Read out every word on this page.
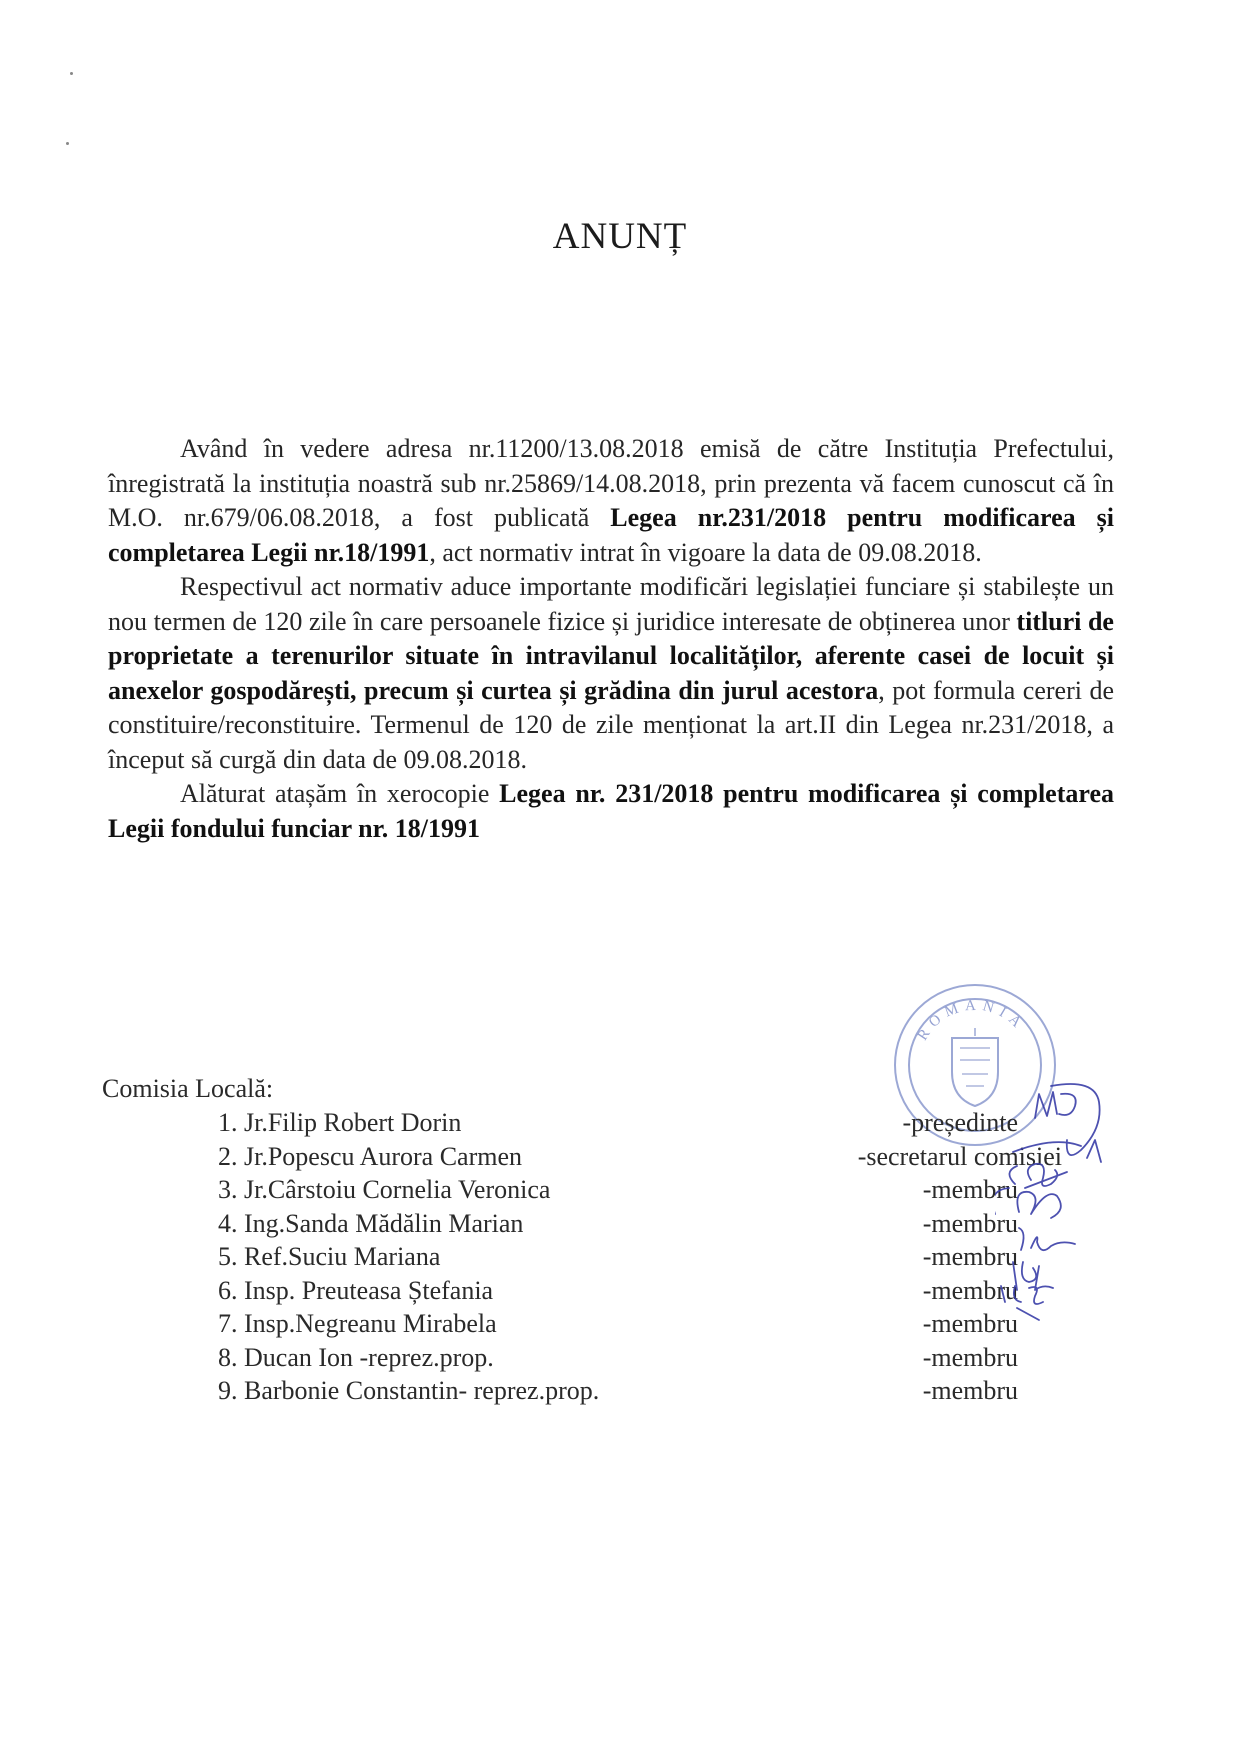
ANUNȚ

Având în vedere adresa nr.11200/13.08.2018 emisă de către Instituția Prefectului, înregistrată la instituția noastră sub nr.25869/14.08.2018, prin prezenta vă facem cunoscut că în M.O. nr.679/06.08.2018, a fost publicată Legea nr.231/2018 pentru modificarea și completarea Legii nr.18/1991, act normativ intrat în vigoare la data de 09.08.2018.

Respectivul act normativ aduce importante modificări legislației funciare și stabilește un nou termen de 120 zile în care persoanele fizice și juridice interesate de obținerea unor titluri de proprietate a terenurilor situate în intravilanul localităților, aferente casei de locuit și anexelor gospodărești, precum și curtea și grădina din jurul acestora, pot formula cereri de constituire/reconstituire. Termenul de 120 de zile menționat la art.II din Legea nr.231/2018, a început să curgă din data de 09.08.2018.

Alăturat atașăm în xerocopie Legea nr. 231/2018 pentru modificarea și completarea Legii fondului funciar nr. 18/1991

ROMANIA
Comisia Locală:
1. Jr.Filip Robert Dorin	-președinte
2. Jr.Popescu Aurora Carmen	-secretarul comisiei
3. Jr.Cârstoiu Cornelia Veronica	-membru
4. Ing.Sanda Mădălin Marian	-membru
5. Ref.Suciu Mariana	-membru
6. Insp. Preuteasa Ștefania	-membru
7. Insp.Negreanu Mirabela	-membru
8. Ducan Ion -reprez.prop.	-membru
9. Barbonie Constantin- reprez.prop.	-membru
